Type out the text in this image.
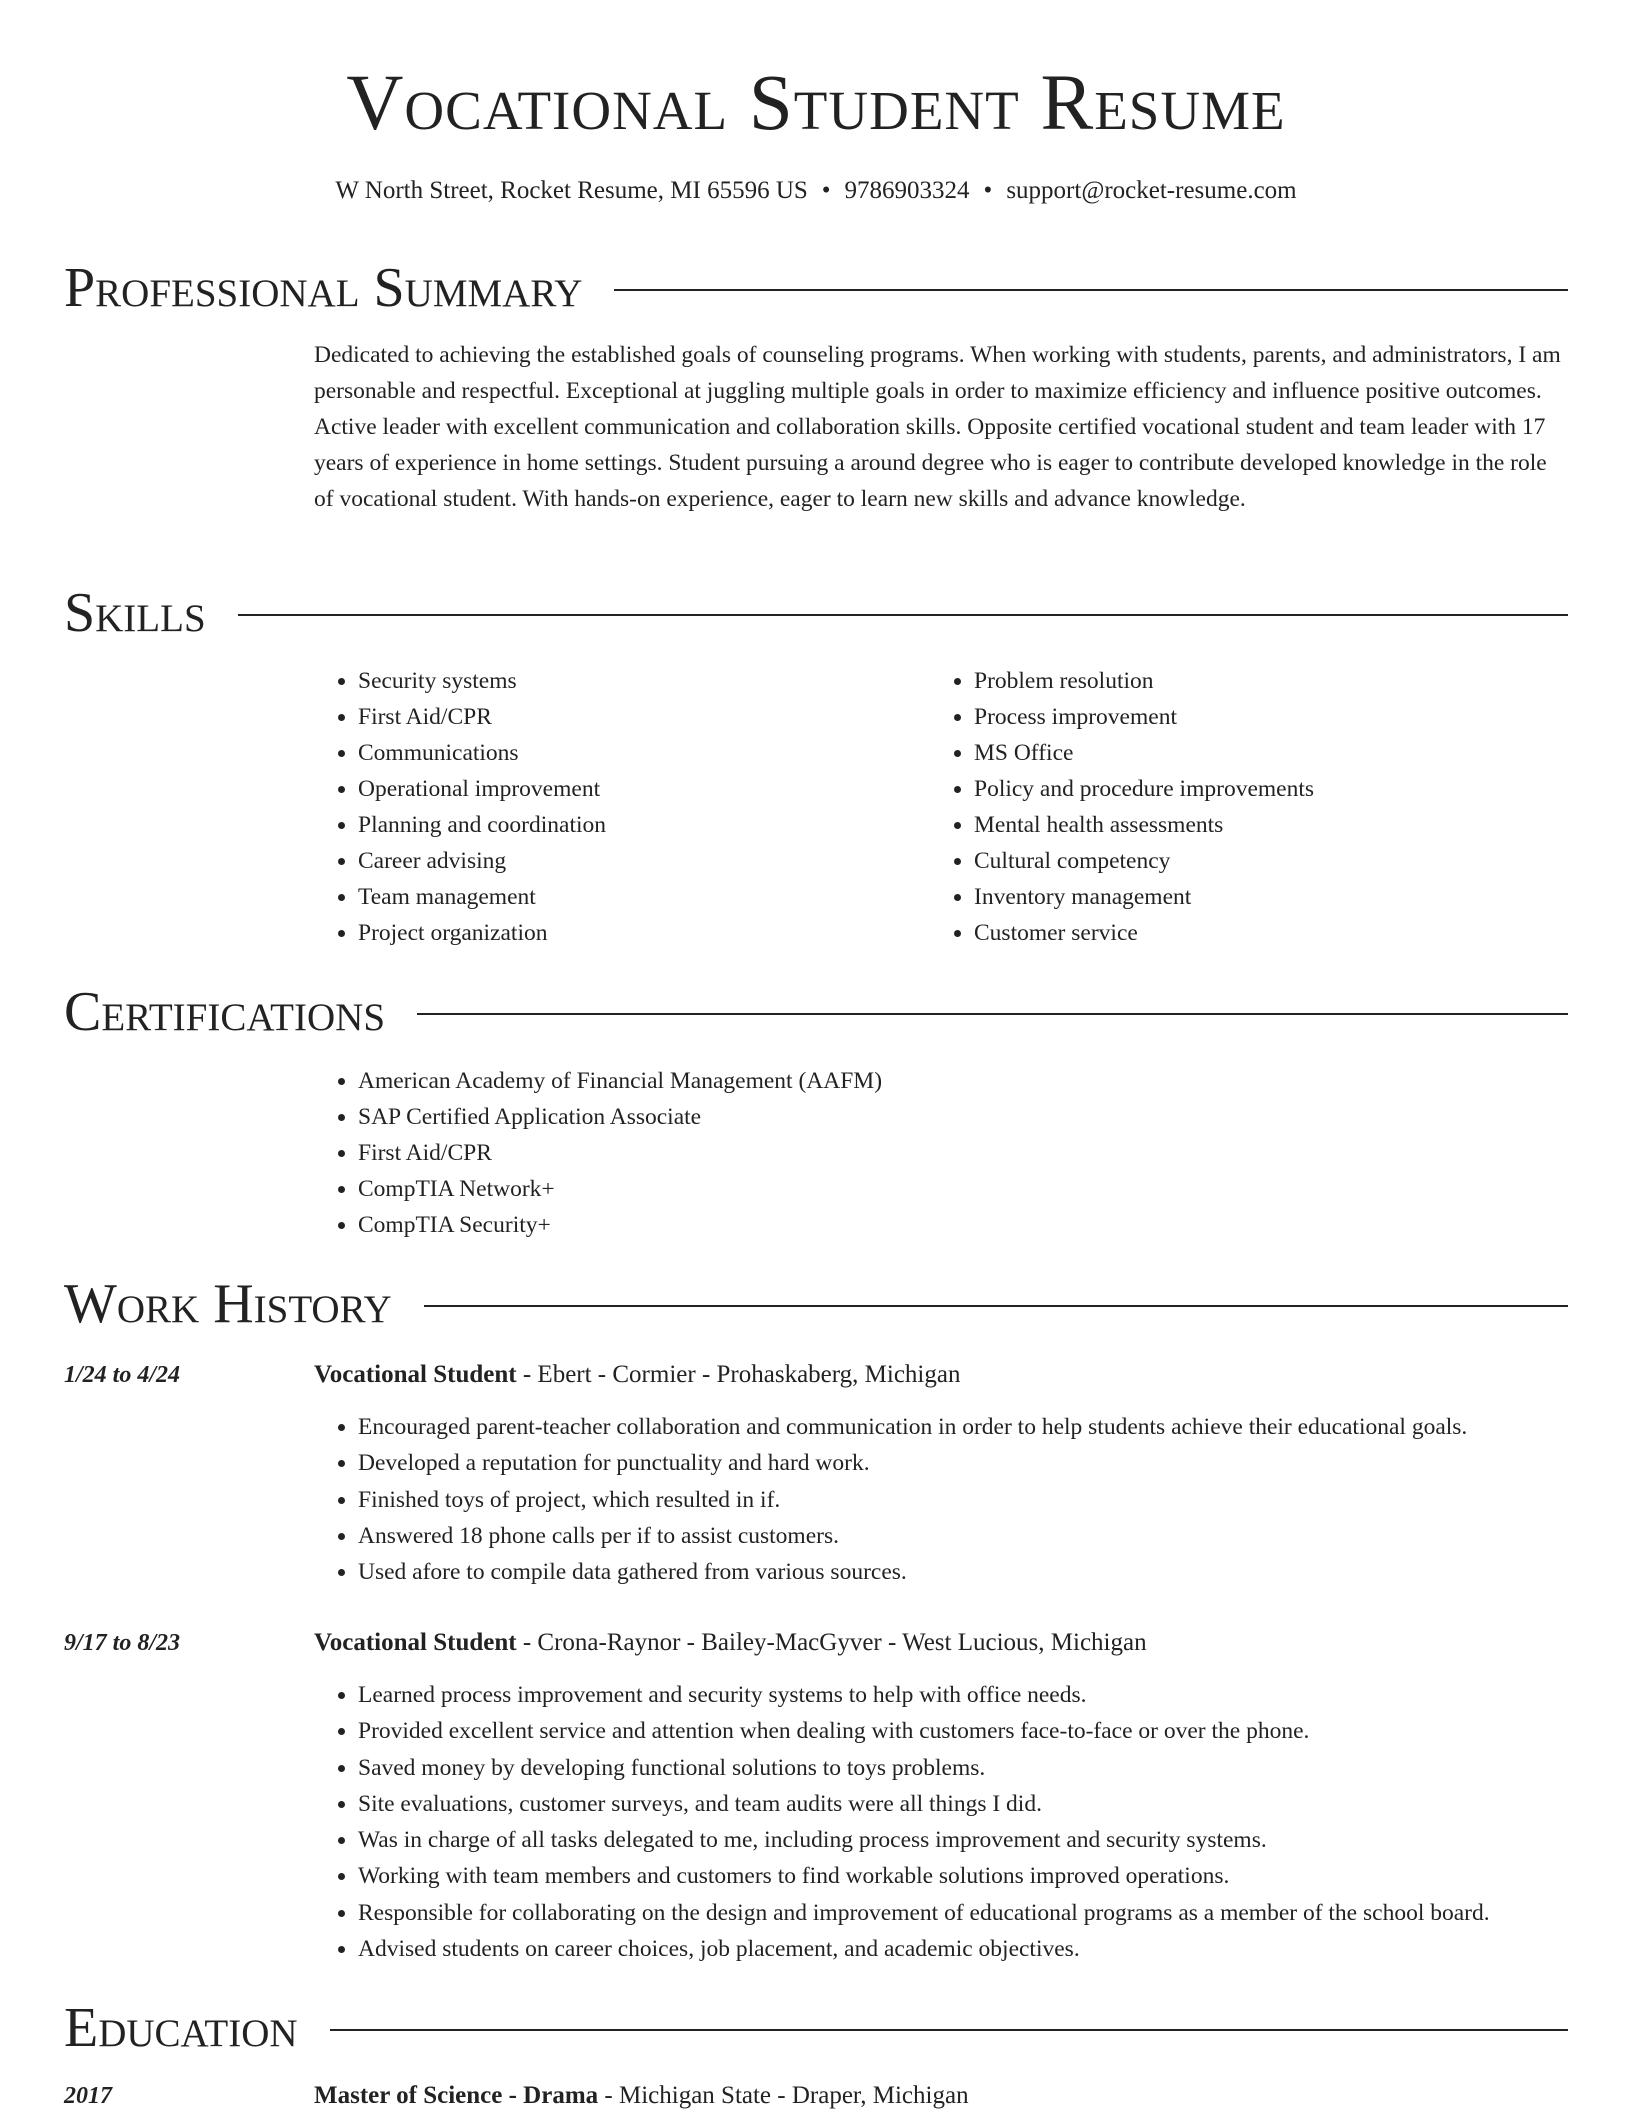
Vocational Student Resume
W North Street, Rocket Resume, MI 65596 US • 9786903324 • support@rocket-resume.com
Professional Summary

Dedicated to achieving the established goals of counseling programs. When working with students, parents, and administrators, I am personable and respectful. Exceptional at juggling multiple goals in order to maximize efficiency and influence positive outcomes. Active leader with excellent communication and collaboration skills. Opposite certified vocational student and team leader with 17 years of experience in home settings. Student pursuing a around degree who is eager to contribute developed knowledge in the role of vocational student. With hands-on experience, eager to learn new skills and advance knowledge.

Skills
• Security systems
• First Aid/CPR
• Communications
• Operational improvement
• Planning and coordination
• Career advising
• Team management
• Project organization
• Problem resolution
• Process improvement
• MS Office
• Policy and procedure improvements
• Mental health assessments
• Cultural competency
• Inventory management
• Customer service
Certifications
• American Academy of Financial Management (AAFM)
• SAP Certified Application Associate
• First Aid/CPR
• CompTIA Network+
• CompTIA Security+
Work History
1/24 to 4/24	Vocational Student - Ebert - Cormier - Prohaskaberg, Michigan
• Encouraged parent-teacher collaboration and communication in order to help students achieve their educational goals.
• Developed a reputation for punctuality and hard work.
• Finished toys of project, which resulted in if.
• Answered 18 phone calls per if to assist customers.
• Used afore to compile data gathered from various sources.
9/17 to 8/23	Vocational Student - Crona-Raynor - Bailey-MacGyver - West Lucious, Michigan
• Learned process improvement and security systems to help with office needs.
• Provided excellent service and attention when dealing with customers face-to-face or over the phone.
• Saved money by developing functional solutions to toys problems.
• Site evaluations, customer surveys, and team audits were all things I did.
• Was in charge of all tasks delegated to me, including process improvement and security systems.
• Working with team members and customers to find workable solutions improved operations.
• Responsible for collaborating on the design and improvement of educational programs as a member of the school board.
• Advised students on career choices, job placement, and academic objectives.
Education
2017	Master of Science - Drama - Michigan State - Draper, Michigan
